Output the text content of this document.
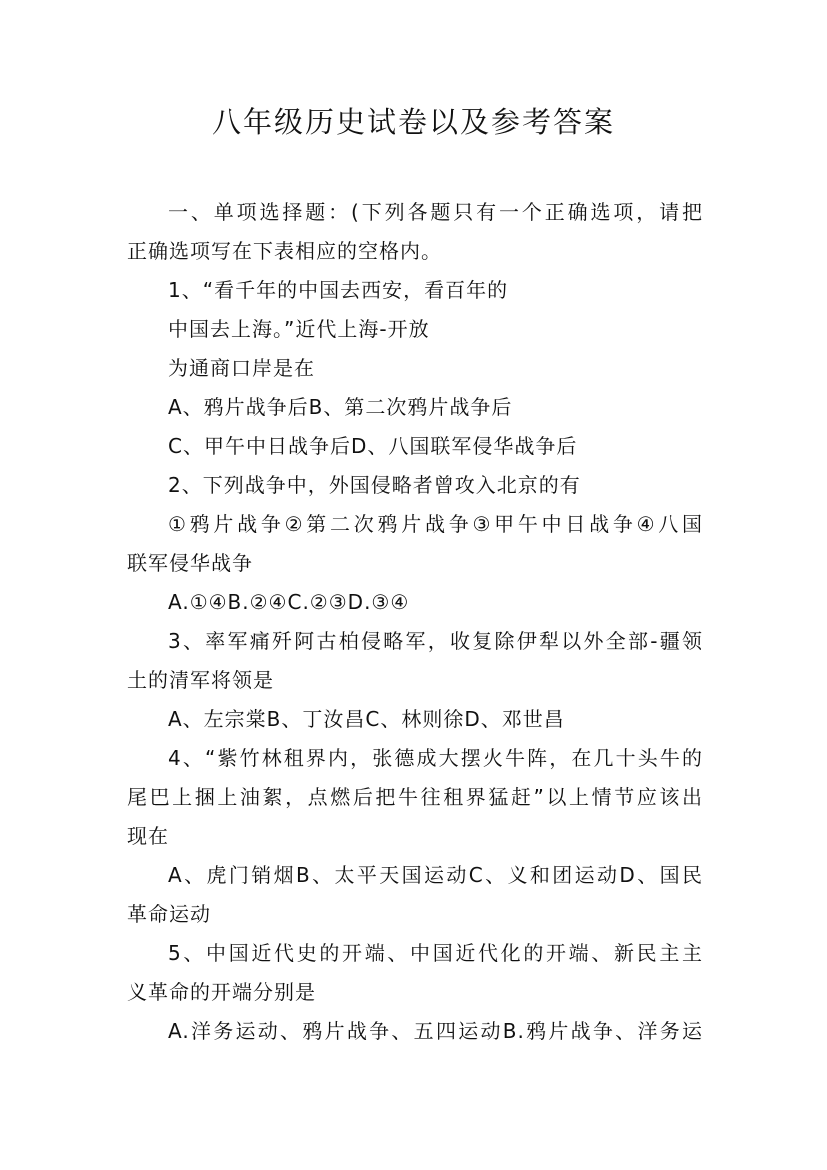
八年级历史试卷以及参考答案
一、单项选择题：(下列各题只有一个正确选项，请把
正确选项写在下表相应的空格内。
1、“看千年的中国去西安，看百年的
中国去上海。”近代上海-开放
为通商口岸是在
A、鸦片战争后B、第二次鸦片战争后
C、甲午中日战争后D、八国联军侵华战争后
2、下列战争中，外国侵略者曾攻入北京的有
①鸦片战争②第二次鸦片战争③甲午中日战争④八国
联军侵华战争
A.①④B.②④C.②③D.③④
3、率军痛歼阿古柏侵略军，收复除伊犁以外全部-疆领
土的清军将领是
A、左宗棠B、丁汝昌C、林则徐D、邓世昌
4、“紫竹林租界内，张德成大摆火牛阵，在几十头牛的
尾巴上捆上油絮，点燃后把牛往租界猛赶”以上情节应该出
现在
A、虎门销烟B、太平天国运动C、义和团运动D、国民
革命运动
5、中国近代史的开端、中国近代化的开端、新民主主
义革命的开端分别是
A.洋务运动、鸦片战争、五四运动B.鸦片战争、洋务运
